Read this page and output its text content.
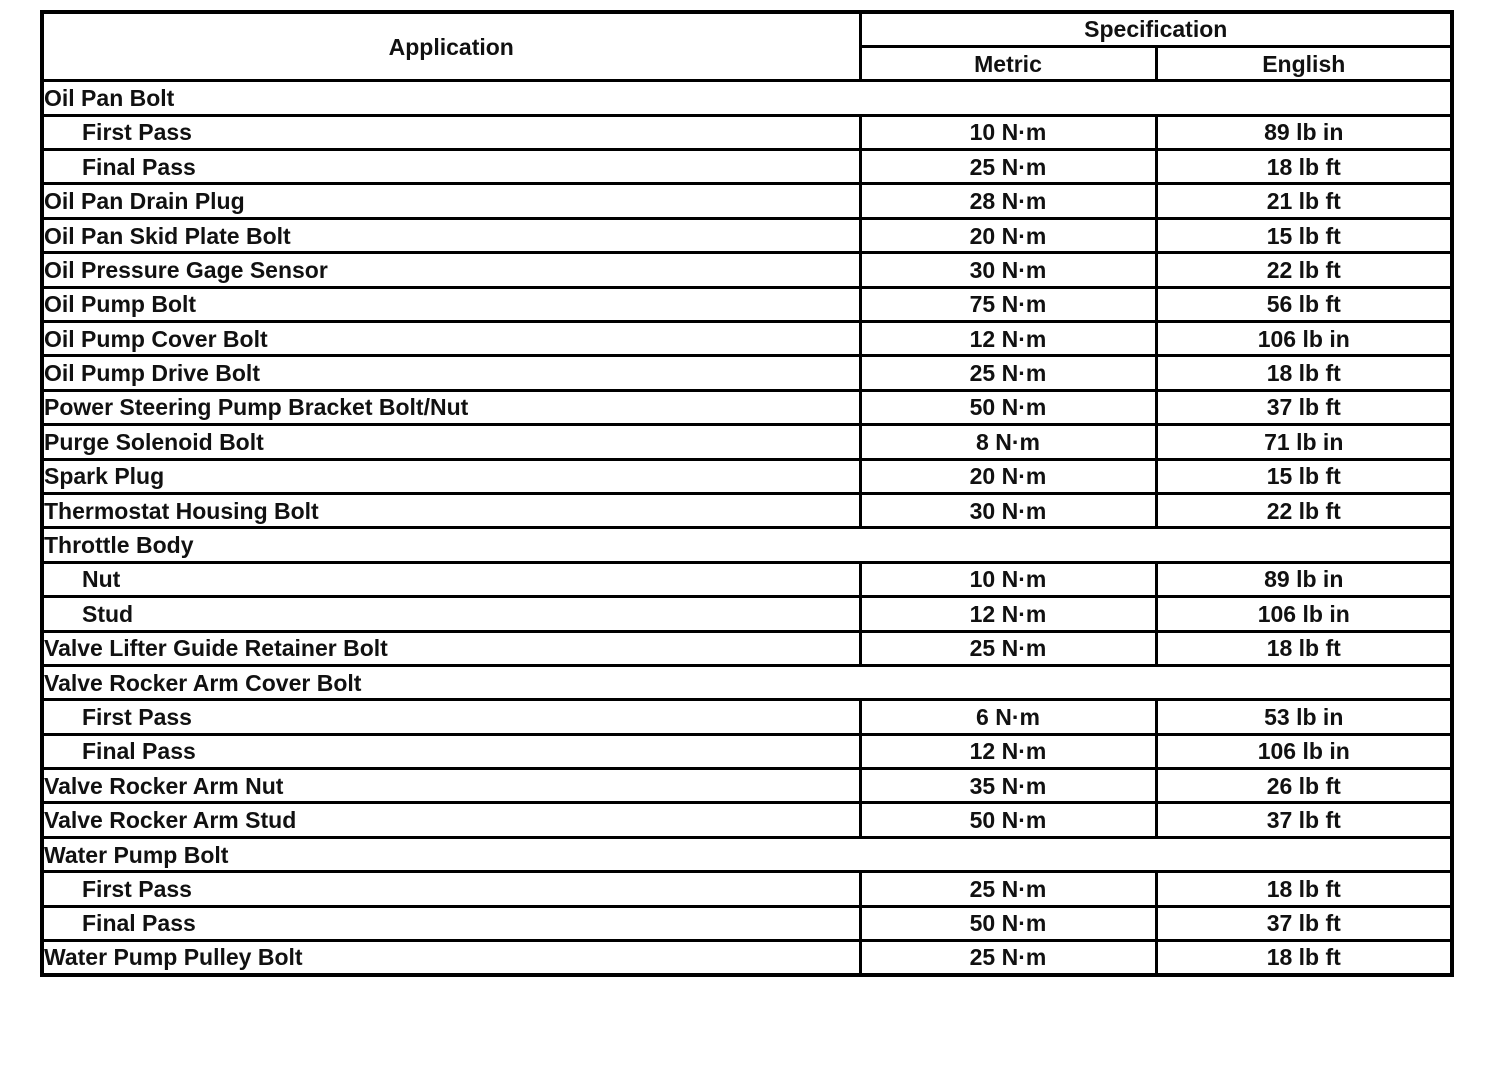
Application	Specification	
	Metric	English
Oil Pan Bolt		
First Pass	10 N·m	89 lb in
Final Pass	25 N·m	18 lb ft
Oil Pan Drain Plug	28 N·m	21 lb ft
Oil Pan Skid Plate Bolt	20 N·m	15 lb ft
Oil Pressure Gage Sensor	30 N·m	22 lb ft
Oil Pump Bolt	75 N·m	56 lb ft
Oil Pump Cover Bolt	12 N·m	106 lb in
Oil Pump Drive Bolt	25 N·m	18 lb ft
Power Steering Pump Bracket Bolt/Nut	50 N·m	37 lb ft
Purge Solenoid Bolt	8 N·m	71 lb in
Spark Plug	20 N·m	15 lb ft
Thermostat Housing Bolt	30 N·m	22 lb ft
Throttle Body		
Nut	10 N·m	89 lb in
Stud	12 N·m	106 lb in
Valve Lifter Guide Retainer Bolt	25 N·m	18 lb ft
Valve Rocker Arm Cover Bolt		
First Pass	6 N·m	53 lb in
Final Pass	12 N·m	106 lb in
Valve Rocker Arm Nut	35 N·m	26 lb ft
Valve Rocker Arm Stud	50 N·m	37 lb ft
Water Pump Bolt		
First Pass	25 N·m	18 lb ft
Final Pass	50 N·m	37 lb ft
Water Pump Pulley Bolt	25 N·m	18 lb ft
